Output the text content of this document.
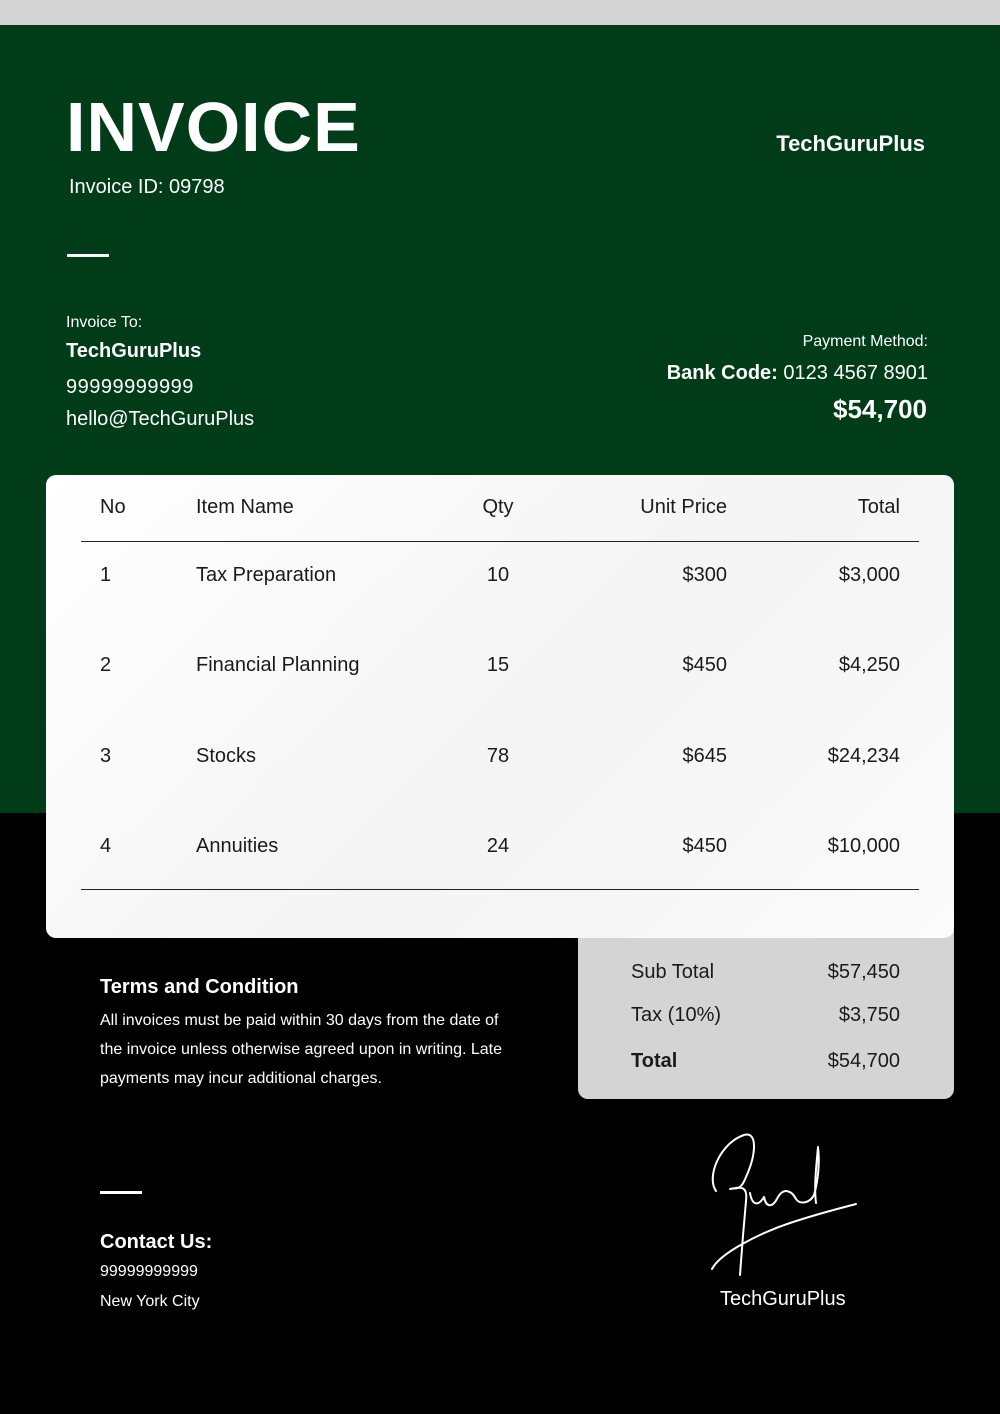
INVOICE
Invoice ID: 09798
TechGuruPlus
Invoice To:
TechGuruPlus
99999999999
hello@TechGuruPlus
Payment Method:
Bank Code: 0123 4567 8901
$54,700
No	Item Name	Qty	Unit Price	Total
1	Tax Preparation	10	$300	$3,000
2	Financial Planning	15	$450	$4,250
3	Stocks	78	$645	$24,234
4	Annuities	24	$450	$10,000
Sub Total	$57,450
Tax (10%)	$3,750
Total	$54,700
Terms and Condition
All invoices must be paid within 30 days from the date of the invoice unless otherwise agreed upon in writing. Late payments may incur additional charges.
Contact Us:
99999999999
New York City	TechGuruPlus
